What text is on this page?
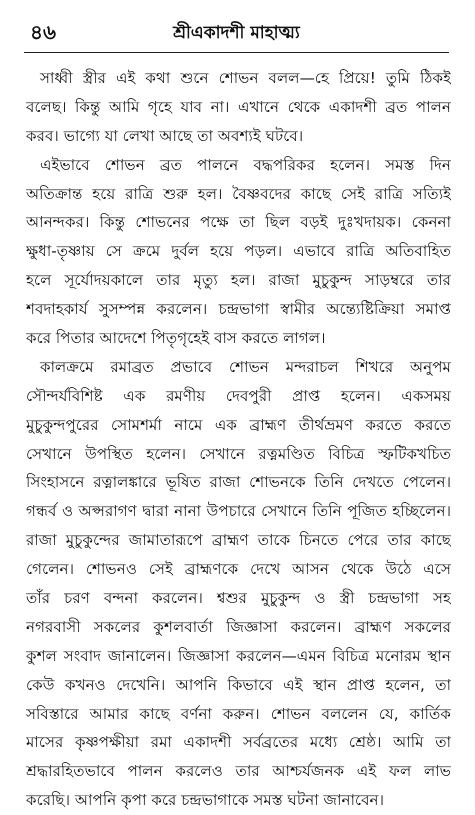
৪৬	শ্রীএকাদশী মাহাত্ম্য
সাধ্বী স্ত্রীর এই কথা শুনে শোভন বলল—হে প্রিয়ে! তুমি ঠিকই
বলেছ। কিন্তু আমি গৃহে যাব না। এখানে থেকে একাদশী ব্রত পালন
করব। ভাগ্যে যা লেখা আছে তা অবশ্যই ঘটবে।
এইভাবে শোভন ব্রত পালনে বদ্ধপরিকর হলেন। সমস্ত দিন
অতিক্রান্ত হয়ে রাত্রি শুরু হল। বৈষ্ণবদের কাছে সেই রাত্রি সত্যিই
আনন্দকর। কিন্তু শোভনের পক্ষে তা ছিল বড়ই দুঃখদায়ক। কেননা
ক্ষুধা-তৃষ্ণায় সে ক্রমে দুর্বল হয়ে পড়ল। এভাবে রাত্রি অতিবাহিত
হলে সূর্যোদয়কালে তার মৃত্যু হল। রাজা মুচুকুন্দ সাড়ম্বরে তার
শবদাহকার্য সুসম্পন্ন করলেন। চন্দ্রভাগা স্বামীর অন্ত্যেষ্টিক্রিয়া সমাপ্ত
করে পিতার আদেশে পিতৃগৃহেই বাস করতে লাগল।
কালক্রমে রমাব্রত প্রভাবে শোভন মন্দরাচল শিখরে অনুপম
সৌন্দর্যবিশিষ্ট এক রমণীয় দেবপুরী প্রাপ্ত হলেন। একসময়
মুচুকুন্দপুরের সোমশর্মা নামে এক ব্রাহ্মণ তীর্থভ্রমণ করতে করতে
সেখানে উপস্থিত হলেন। সেখানে রত্নমণ্ডিত বিচিত্র স্ফটিকখচিত
সিংহাসনে রত্নালঙ্কারে ভূষিত রাজা শোভনকে তিনি দেখতে পেলেন।
গন্ধর্ব ও অপ্সরাগণ দ্বারা নানা উপচারে সেখানে তিনি পূজিত হচ্ছিলেন।
রাজা মুচুকুন্দের জামাতারূপে ব্রাহ্মণ তাকে চিনতে পেরে তার কাছে
গেলেন। শোভনও সেই ব্রাহ্মণকে দেখে আসন থেকে উঠে এসে
তাঁর চরণ বন্দনা করলেন। শ্বশুর মুচুকুন্দ ও স্ত্রী চন্দ্রভাগা সহ
নগরবাসী সকলের কুশলবার্তা জিজ্ঞাসা করলেন। ব্রাহ্মণ সকলের
কুশল সংবাদ জানালেন। জিজ্ঞাসা করলেন—এমন বিচিত্র মনোরম স্থান
কেউ কখনও দেখেনি। আপনি কিভাবে এই স্থান প্রাপ্ত হলেন, তা
সবিস্তারে আমার কাছে বর্ণনা করুন। শোভন বললেন যে, কার্তিক
মাসের কৃষ্ণপক্ষীয়া রমা একাদশী সর্বব্রতের মধ্যে শ্রেষ্ঠ। আমি তা
শ্রদ্ধারহিতভাবে পালন করলেও তার আশ্চর্যজনক এই ফল লাভ
করেছি। আপনি কৃপা করে চন্দ্রভাগাকে সমস্ত ঘটনা জানাবেন।
